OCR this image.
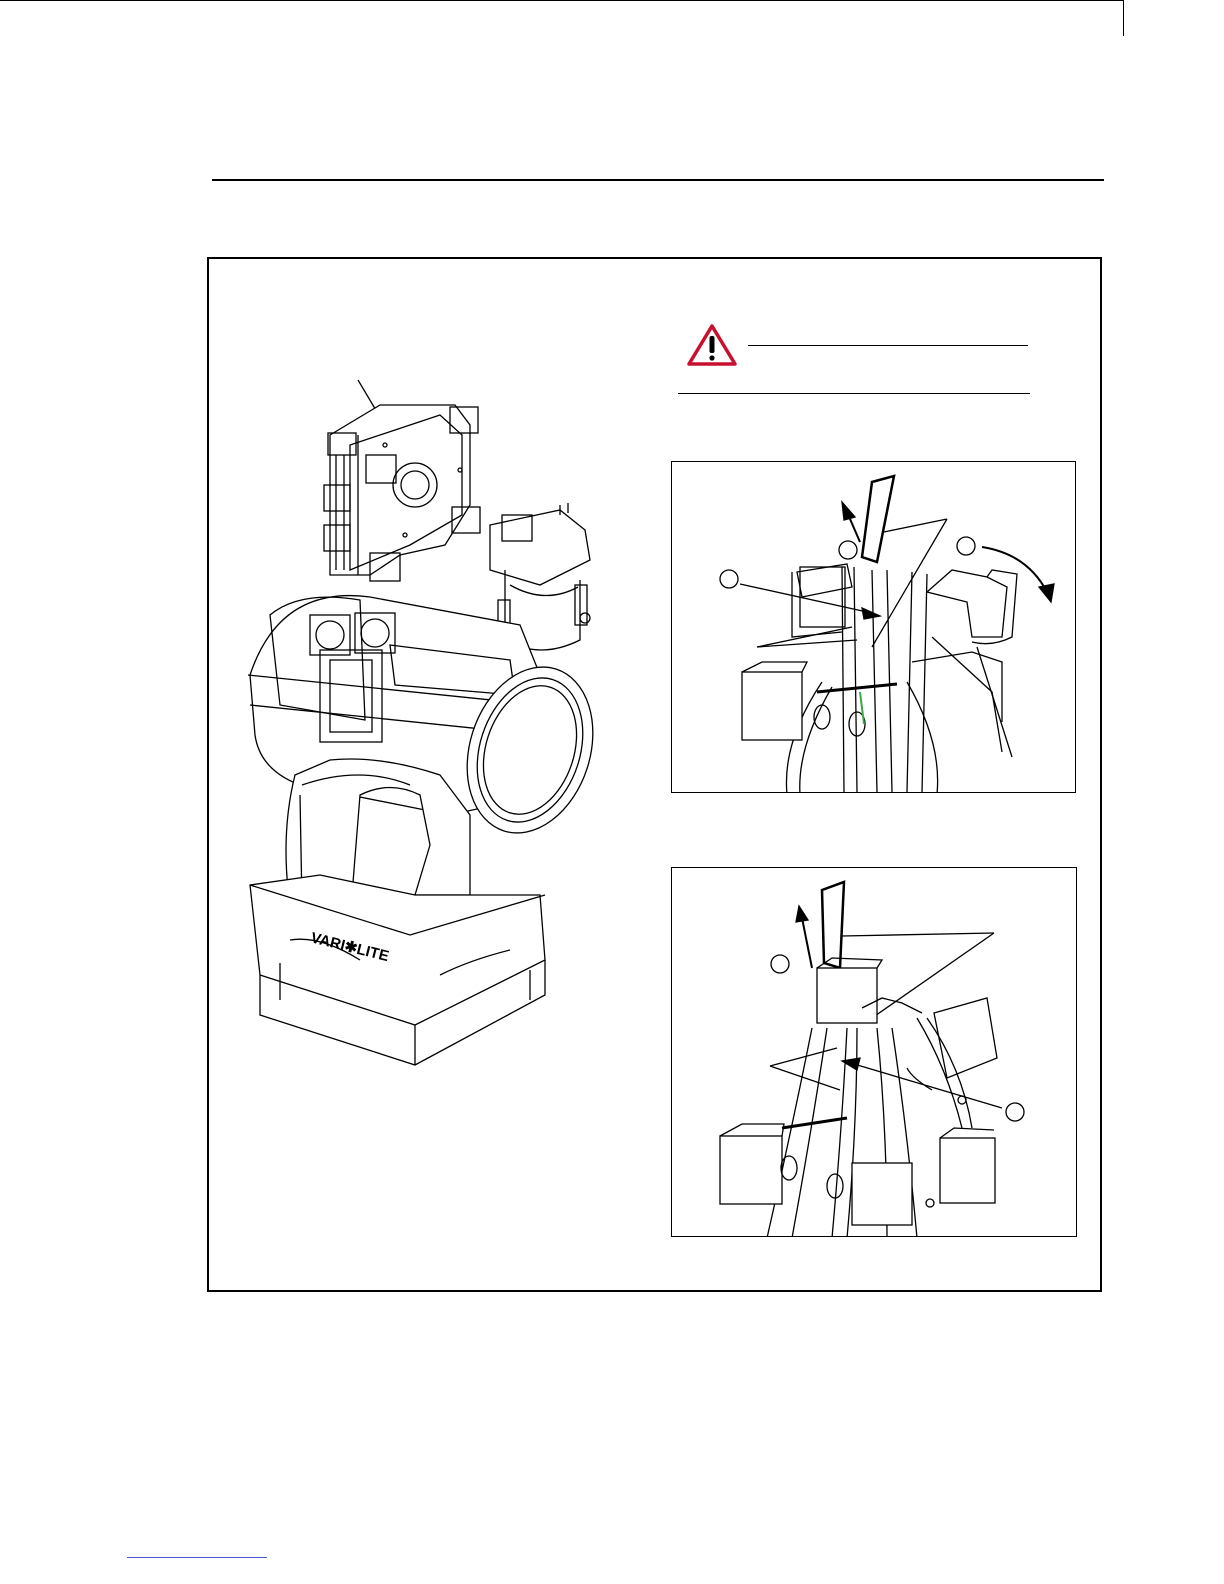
VARI✱LITE
